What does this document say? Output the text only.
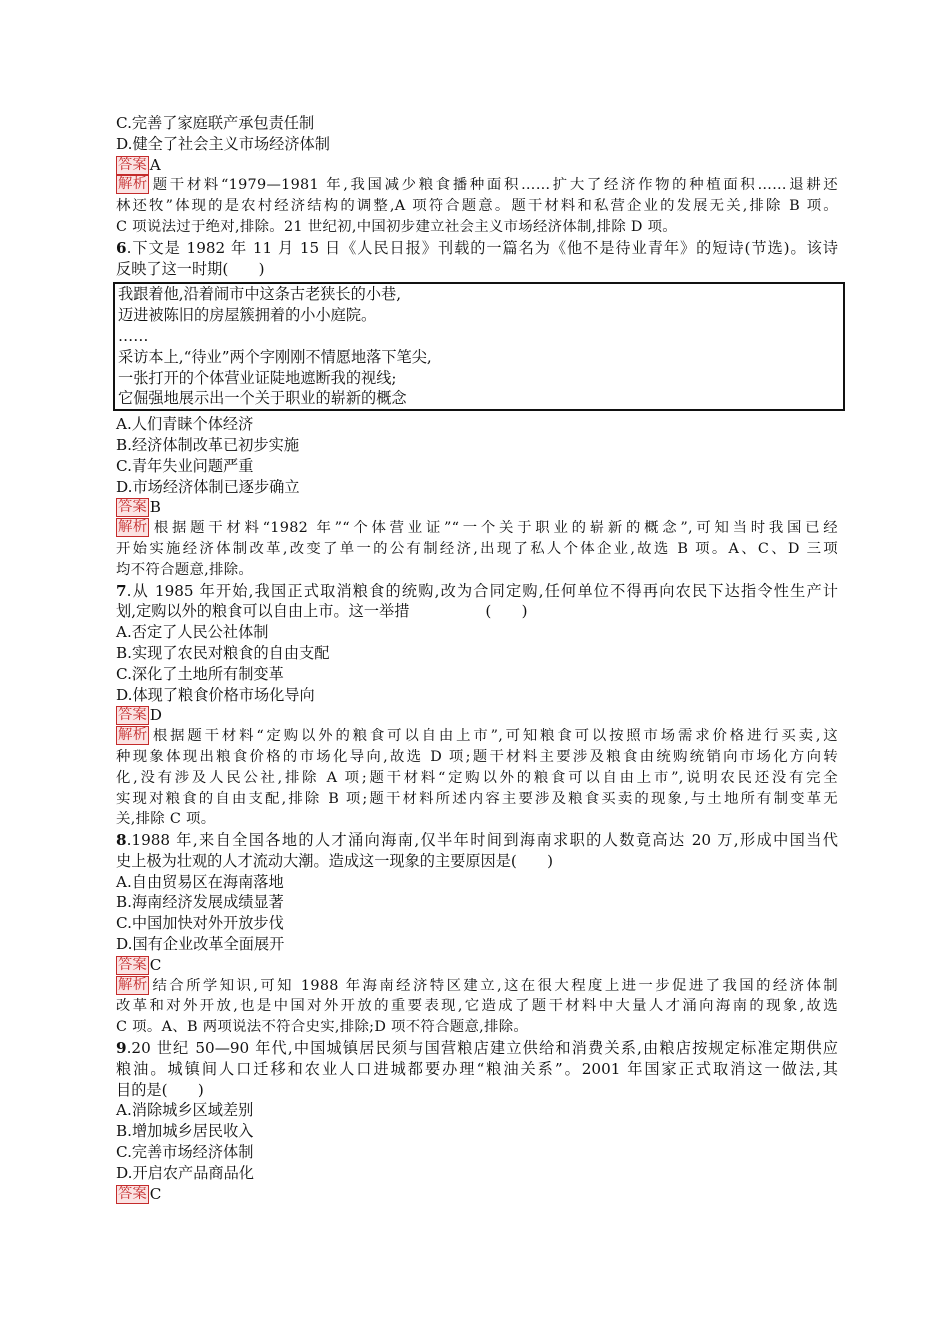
C.完善了家庭联产承包责任制
D.健全了社会主义市场经济体制
答案 A
解析 题干材料“1979—1981 年,我国减少粮食播种面积……扩大了经济作物的种植面积……退耕还
林还牧”体现的是农村经济结构的调整,A 项符合题意。题干材料和私营企业的发展无关,排除 B 项。
C 项说法过于绝对,排除。21 世纪初,中国初步建立社会主义市场经济体制,排除 D 项。
6.下文是 1982 年 11 月 15 日《人民日报》刊载的一篇名为《他不是待业青年》的短诗(节选)。该诗
反映了这一时期(　　)
我跟着他,沿着闹市中这条古老狭长的小巷,
迈进被陈旧的房屋簇拥着的小小庭院。
……
采访本上,“待业”两个字刚刚不情愿地落下笔尖,
一张打开的个体营业证陡地遮断我的视线;
它倔强地展示出一个关于职业的崭新的概念
A.人们青睐个体经济
B.经济体制改革已初步实施
C.青年失业问题严重
D.市场经济体制已逐步确立
答案 B
解析 根据题干材料“1982 年”“个体营业证”“一个关于职业的崭新的概念”,可知当时我国已经
开始实施经济体制改革,改变了单一的公有制经济,出现了私人个体企业,故选 B 项。A、C、D 三项
均不符合题意,排除。
7.从 1985 年开始,我国正式取消粮食的统购,改为合同定购,任何单位不得再向农民下达指令性生产计
划,定购以外的粮食可以自由上市。这一举措　　　　　(　　)
A.否定了人民公社体制
B.实现了农民对粮食的自由支配
C.深化了土地所有制变革
D.体现了粮食价格市场化导向
答案 D
解析 根据题干材料“定购以外的粮食可以自由上市”,可知粮食可以按照市场需求价格进行买卖,这
种现象体现出粮食价格的市场化导向,故选 D 项;题干材料主要涉及粮食由统购统销向市场化方向转
化,没有涉及人民公社,排除 A 项;题干材料“定购以外的粮食可以自由上市”,说明农民还没有完全
实现对粮食的自由支配,排除 B 项;题干材料所述内容主要涉及粮食买卖的现象,与土地所有制变革无
关,排除 C 项。
8.1988 年,来自全国各地的人才涌向海南,仅半年时间到海南求职的人数竟高达 20 万,形成中国当代
史上极为壮观的人才流动大潮。造成这一现象的主要原因是(　　)
A.自由贸易区在海南落地
B.海南经济发展成绩显著
C.中国加快对外开放步伐
D.国有企业改革全面展开
答案 C
解析 结合所学知识,可知 1988 年海南经济特区建立,这在很大程度上进一步促进了我国的经济体制
改革和对外开放,也是中国对外开放的重要表现,它造成了题干材料中大量人才涌向海南的现象,故选
C 项。A、B 两项说法不符合史实,排除;D 项不符合题意,排除。
9.20 世纪 50—90 年代,中国城镇居民须与国营粮店建立供给和消费关系,由粮店按规定标准定期供应
粮油。城镇间人口迁移和农业人口进城都要办理“粮油关系”。2001 年国家正式取消这一做法,其
目的是(　　)
A.消除城乡区域差别
B.增加城乡居民收入
C.完善市场经济体制
D.开启农产品商品化
答案 C
